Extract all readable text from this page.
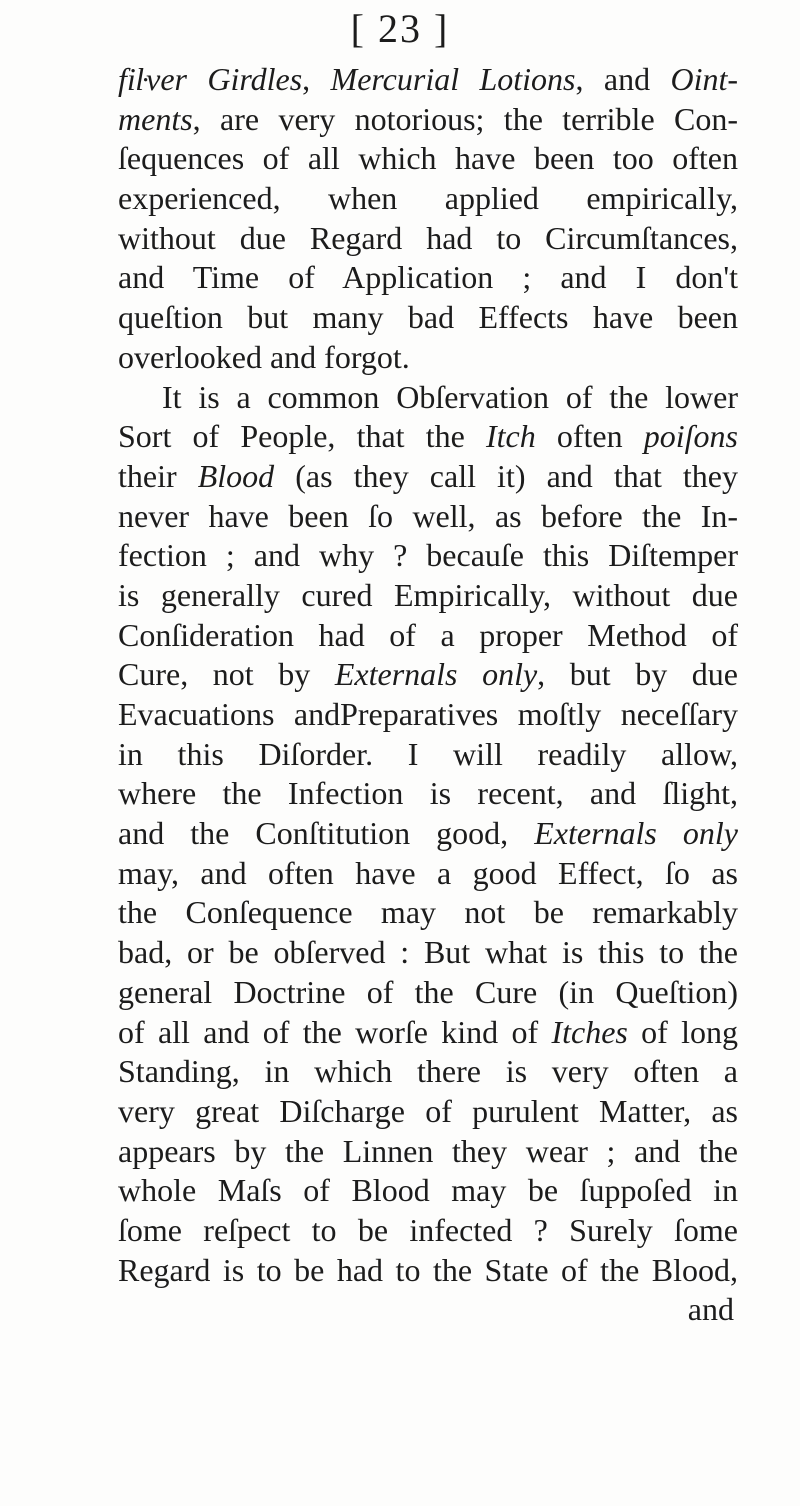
[ 23 ]
fiŀver Girdles, Mercurial Lotions, and Oint-
ments, are very notorious; the terrible Con-
ſequences of all which have been too often
experienced, when applied empirically,
without due Regard had to Circumſtances,
and Time of Application ; and I don't
queſtion but many bad Effects have been
overlooked and forgot.
It is a common Obſervation of the lower
Sort of People, that the Itch often poiſons
their Blood (as they call it) and that they
never have been ſo well, as before the In-
fection ; and why ? becauſe this Diſtemper
is generally cured Empirically, without due
Conſideration had of a proper Method of
Cure, not by Externals only, but by due
Evacuations andPreparatives moſtly neceſſary
in this Diſorder. I will readily allow,
where the Infection is recent, and ſlight,
and the Conſtitution good, Externals only
may, and often have a good Effect, ſo as
the Conſequence may not be remarkably
bad, or be obſerved : But what is this to the
general Doctrine of the Cure (in Queſtion)
of all and of the worſe kind of Itches of long
Standing, in which there is very often a
very great Diſcharge of purulent Matter, as
appears by the Linnen they wear ; and the
whole Maſs of Blood may be ſuppoſed in
ſome reſpect to be infected ? Surely ſome
Regard is to be had to the State of the Blood,
and
